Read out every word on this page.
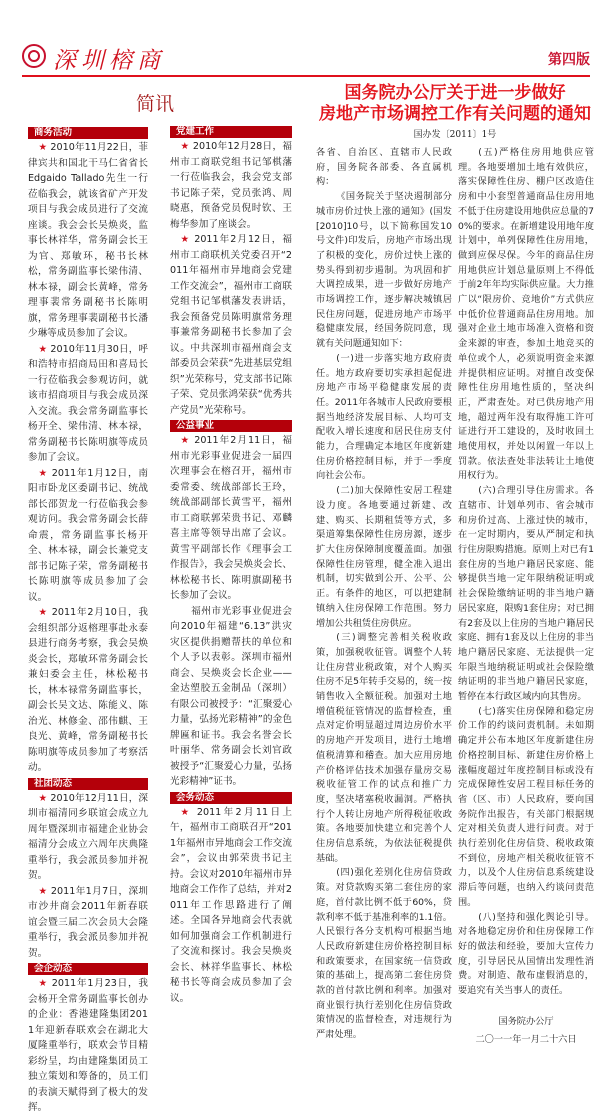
深圳榕商	第四版
简讯
商务活动

★ 2010年11月22日，菲律宾共和国北干马仁省省长Edgaido Tallado先生一行莅临我会，就该省矿产开发项目与我会成员进行了交流座谈。我会会长吴焕炎，监事长林祥华，常务副会长王为官、郑敏环，秘书长林松，常务副监事长梁伟清、林本禄，副会长黄峰，常务理事裴常务副秘书长陈明旗，常务理事裴副秘书长潘少琳等成员参加了会议。

★ 2010年11月30日，呼和浩特市招商局田和喜局长一行莅临我会参观访问，就该市招商项目与我会成员深入交流。我会常务副监事长杨开全、梁伟清、林本禄，常务副秘书长陈明旗等成员参加了会议。

★ 2011年1月12日，南阳市卧龙区委副书记、统战部长邵贺龙一行莅临我会参观访问。我会常务副会长薛命震，常务副监事长杨开全、林本禄，副会长兼党支部书记陈子荣，常务副秘书长陈明旗等成员参加了会议。

★ 2011年2月10日，我会组织部分返榕理事赴永泰县进行商务考察，我会吴焕炎会长，郑敏环常务副会长兼妇委会主任，林松秘书长，林本禄常务副监事长，副会长吴文达、陈能义、陈治光、林修金、邵伟麒、王良光、黄峰，常务副秘书长陈明旗等成员参加了考察活动。

社团动态

★ 2010年12月11日，深圳市福清同乡联谊会成立九周年暨深圳市福建企业协会福清分会成立六周年庆典隆重举行，我会派员参加并祝贺。

★ 2011年1月7日，深圳市沙井商会2011年新春联谊会暨三届二次会员大会隆重举行，我会派员参加并祝贺。

会企动态

★ 2011年1月23日，我会杨开全常务副监事长创办的企业：香港建隆集团2011年迎新春联欢会在湖北大厦隆重举行，联欢会节目精彩纷呈，均由建隆集团员工独立策划和筹备的，员工们的表演天赋得到了极大的发挥。

党建工作

★ 2010年12月28日，福州市工商联党组书记邹棋藩一行莅临我会，我会党支部书记陈子荣，党员张鸿、周晓惠，预备党员倪时钦、王梅华参加了座谈会。

★ 2011年2月12日，福州市工商联机关党委召开“2011年福州市异地商会党建工作交流会”，福州市工商联党组书记邹棋藩发表讲话，我会预备党员陈明旗常务理事兼常务副秘书长参加了会议。中共深圳市福州商会支部委员会荣获“先进基层党组织”光荣称号，党支部书记陈子荣、党员张鸿荣获“优秀共产党员”光荣称号。

公益事业

★ 2011年2月11日，福州市光彩事业促进会一届四次理事会在榕召开，福州市委常委、统战部部长王玲，统战部副部长黄雪平，福州市工商联郭荣贵书记、邓麟喜主席等领导出席了会议。黄雪平副部长作《理事会工作报告》，我会吴焕炎会长、林松秘书长、陈明旗副秘书长参加了会议。

福州市光彩事业促进会向2010年福建“6.13”洪灾灾区提供捐赠帮扶的单位和个人予以表彰。深圳市福州商会、吴焕炎会长企业——金达塑胶五金制品（深圳）有限公司被授予：“汇聚爱心力量，弘扬光彩精神”的金色牌匾和证书。我会名誉会长叶丽华、常务副会长刘官政被授予“汇聚爱心力量，弘扬光彩精神”证书。

会务动态

★ 2011年2月11日上午，福州市工商联召开“2011年福州市异地商会工作交流会”，会议由郭荣贵书记主持。会议对2010年福州市异地商会工作作了总结，并对2011年工作思路进行了阐述。全国各异地商会代表就如何加强商会工作机制进行了交流和探讨。我会吴焕炎会长、林祥华监事长、林松秘书长等商会成员参加了会议。

国务院办公厅关于进一步做好
房地产市场调控工作有关问题的通知
国办发〔2011〕1号

各省、自治区、直辖市人民政府，国务院各部委、各直属机构：

《国务院关于坚决遏制部分城市房价过快上涨的通知》(国发[2010]10号，以下简称国发10号文件)印发后，房地产市场出现了积极的变化，房价过快上涨的势头得到初步遏制。为巩固和扩大调控成果，进一步做好房地产市场调控工作，逐步解决城镇居民住房问题，促进房地产市场平稳健康发展，经国务院同意，现就有关问题通知如下：

(一)进一步落实地方政府责任。地方政府要切实承担起促进房地产市场平稳健康发展的责任。2011年各城市人民政府要根据当地经济发展目标、人均可支配收入增长速度和居民住房支付能力，合理确定本地区年度新建住房价格控制目标，并于一季度向社会公布。

(二)加大保障性安居工程建设力度。各地要通过新建、改建、购买、长期租赁等方式，多渠道筹集保障性住房房源，逐步扩大住房保障制度覆盖面。加强保障性住房管理，健全准入退出机制，切实做到公开、公平、公正。有条件的地区，可以把建制镇纳入住房保障工作范围。努力增加公共租赁住房供应。

(三)调整完善相关税收政策，加强税收征管。调整个人转让住房营业税政策，对个人购买住房不足5年转手交易的，统一按销售收入全额征税。加强对土地增值税征管情况的监督检查，重点对定价明显超过周边房价水平的房地产开发项目，进行土地增值税清算和稽查。加大应用房地产价格评估技术加强存量房交易税收征管工作的试点和推广力度，坚决堵塞税收漏洞。严格执行个人转让房地产所得税征收政策。各地要加快建立和完善个人住房信息系统，为依法征税提供基础。

(四)强化差别化住房信贷政策。对贷款购买第二套住房的家庭，首付款比例不低于60%，贷款利率不低于基准利率的1.1倍。人民银行各分支机构可根据当地人民政府新建住房价格控制目标和政策要求，在国家统一信贷政策的基础上，提高第二套住房贷款的首付款比例和利率。加强对商业银行执行差别化住房信贷政策情况的监督检查，对违规行为严肃处理。

(五)严格住房用地供应管理。各地要增加土地有效供应，落实保障性住房、棚户区改造住房和中小套型普通商品住房用地不低于住房建设用地供应总量的70%的要求。在新增建设用地年度计划中，单列保障性住房用地，做到应保尽保。今年的商品住房用地供应计划总量原则上不得低于前2年年均实际供应量。大力推广以“限房价、竞地价”方式供应中低价位普通商品住房用地。加强对企业土地市场准入资格和资金来源的审查，参加土地竞买的单位或个人，必须说明资金来源并提供相应证明。对擅自改变保障性住房用地性质的，坚决纠正，严肃查处。对已供房地产用地，超过两年没有取得施工许可证进行开工建设的，及时收回土地使用权，并处以闲置一年以上罚款。依法查处非法转让土地使用权行为。

(六)合理引导住房需求。各直辖市、计划单列市、省会城市和房价过高、上涨过快的城市，在一定时期内，要从严制定和执行住房限购措施。原则上对已有1套住房的当地户籍居民家庭、能够提供当地一定年限纳税证明或社会保险缴纳证明的非当地户籍居民家庭，限购1套住房；对已拥有2套及以上住房的当地户籍居民家庭、拥有1套及以上住房的非当地户籍居民家庭、无法提供一定年限当地纳税证明或社会保险缴纳证明的非当地户籍居民家庭，暂停在本行政区域内向其售房。

(七)落实住房保障和稳定房价工作的约谈问责机制。未如期确定并公布本地区年度新建住房价格控制目标、新建住房价格上涨幅度超过年度控制目标或没有完成保障性安居工程目标任务的省（区、市）人民政府，要向国务院作出报告，有关部门根据规定对相关负责人进行问责。对于执行差别化住房信贷、税收政策不到位，房地产相关税收征管不力，以及个人住房信息系统建设滞后等问题，也纳入约谈问责范围。

(八)坚持和强化舆论引导。对各地稳定房价和住房保障工作好的做法和经验，要加大宣传力度，引导居民从国情出发理性消费。对制造、散布虚假消息的，要追究有关当事人的责任。

国务院办公厅

二〇一一年一月二十六日
